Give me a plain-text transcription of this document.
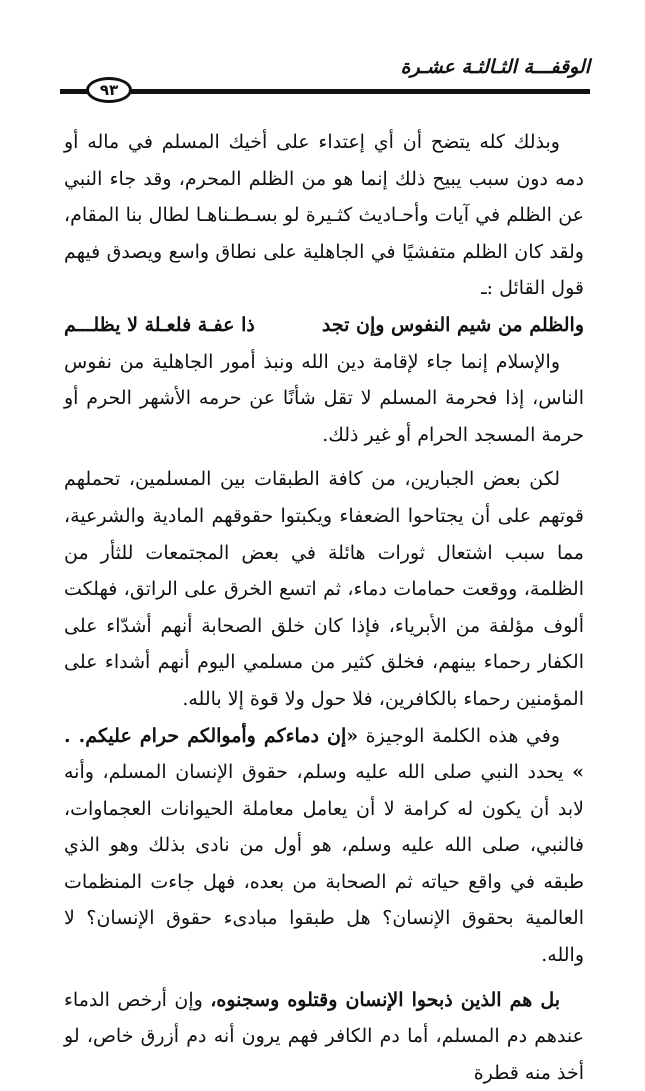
الوقفـــة الثـالثـة عشـرة
٩٣

وبذلك كله يتضح أن أي إعتداء على أخيك المسلم في ماله أو دمه دون سبب يبيح ذلك إنما هو من الظلم المحرم، وقد جاء النبي عن الظلم في آيات وأحـاديث كثـيرة لو بسـطـناهـا لطال بنا المقام، ولقد كان الظلم متفشيًا في الجاهلية على نطاق واسع ويصدق فيهم قول القائل :ـ

والظلم من شيم النفوس وإن تجد
ذا عفـة فلعـلة لا يظلـــم

والإسلام إنما جاء لإقامة دين الله ونبذ أمور الجاهلية من نفوس الناس، إذا فحرمة المسلم لا تقل شأنًا عن حرمه الأشهر الحرم أو حرمة المسجد الحرام أو غير ذلك.

لكن بعض الجبارين، من كافة الطبقات بين المسلمين، تحملهم قوتهم على أن يجتاحوا الضعفاء ويكبتوا حقوقهم المادية والشرعية، مما سبب اشتعال ثورات هائلة في بعض المجتمعات للثأر من الظلمة، ووقعت حمامات دماء، ثم اتسع الخرق على الراتق، فهلكت ألوف مؤلفة من الأبرياء، فإذا كان خلق الصحابة أنهم أشدّاء على الكفار رحماء بينهم، فخلق كثير من مسلمي اليوم أنهم أشداء على المؤمنين رحماء بالكافرين، فلا حول ولا قوة إلا بالله.

وفي هذه الكلمة الوجيزة «إن دماءكم وأموالكم حرام عليكم. . » يحدد النبي صلى الله عليه وسلم، حقوق الإنسان المسلم، وأنه لابد أن يكون له كرامة لا أن يعامل معاملة الحيوانات العجماوات، فالنبي، صلى الله عليه وسلم، هو أول من نادى بذلك وهو الذي طبقه في واقع حياته ثم الصحابة من بعده، فهل جاءت المنظمات العالمية بحقوق الإنسان؟ هل طبقوا مبادىء حقوق الإنسان؟ لا والله.

بل هم الذين ذبحوا الإنسان وقتلوه وسجنوه، وإن أرخص الدماء عندهم دم المسلم، أما دم الكافر فهم يرون أنه دم أزرق خاص، لو أخذ منه قطرة
